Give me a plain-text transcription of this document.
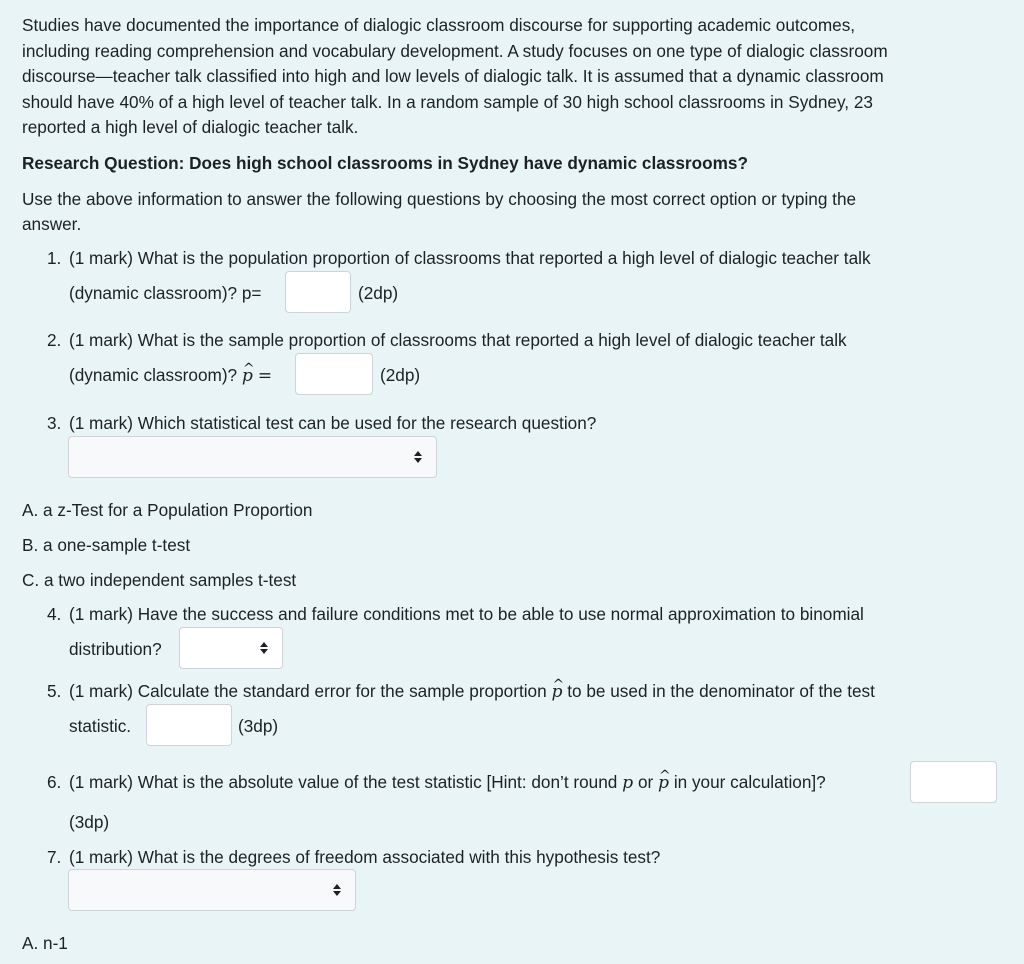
Studies have documented the importance of dialogic classroom discourse for supporting academic outcomes,
including reading comprehension and vocabulary development. A study focuses on one type of dialogic classroom
discourse—teacher talk classified into high and low levels of dialogic talk. It is assumed that a dynamic classroom
should have 40% of a high level of teacher talk. In a random sample of 30 high school classrooms in Sydney, 23
reported a high level of dialogic teacher talk.

Research Question: Does high school classrooms in Sydney have dynamic classrooms?

Use the above information to answer the following questions by choosing the most correct option or typing the
answer.

1. (1 mark) What is the population proportion of classrooms that reported a high level of dialogic teacher talk
(dynamic classroom)? p=	(2dp)
2. (1 mark) What is the sample proportion of classrooms that reported a high level of dialogic teacher talk
(dynamic classroom)? ^ p =	(2dp)
3. (1 mark) Which statistical test can be used for the research question?
A. a z-Test for a Population Proportion
B. a one-sample t-test
C. a two independent samples t-test
4. (1 mark) Have the success and failure conditions met to be able to use normal approximation to binomial
distribution?
5. (1 mark) Calculate the standard error for the sample proportion ^ p to be used in the denominator of the test
statistic.	(3dp)
6. (1 mark) What is the absolute value of the test statistic [Hint: don’t round p or ^ p in your calculation]?
(3dp)
7. (1 mark) What is the degrees of freedom associated with this hypothesis test?
A. n-1
